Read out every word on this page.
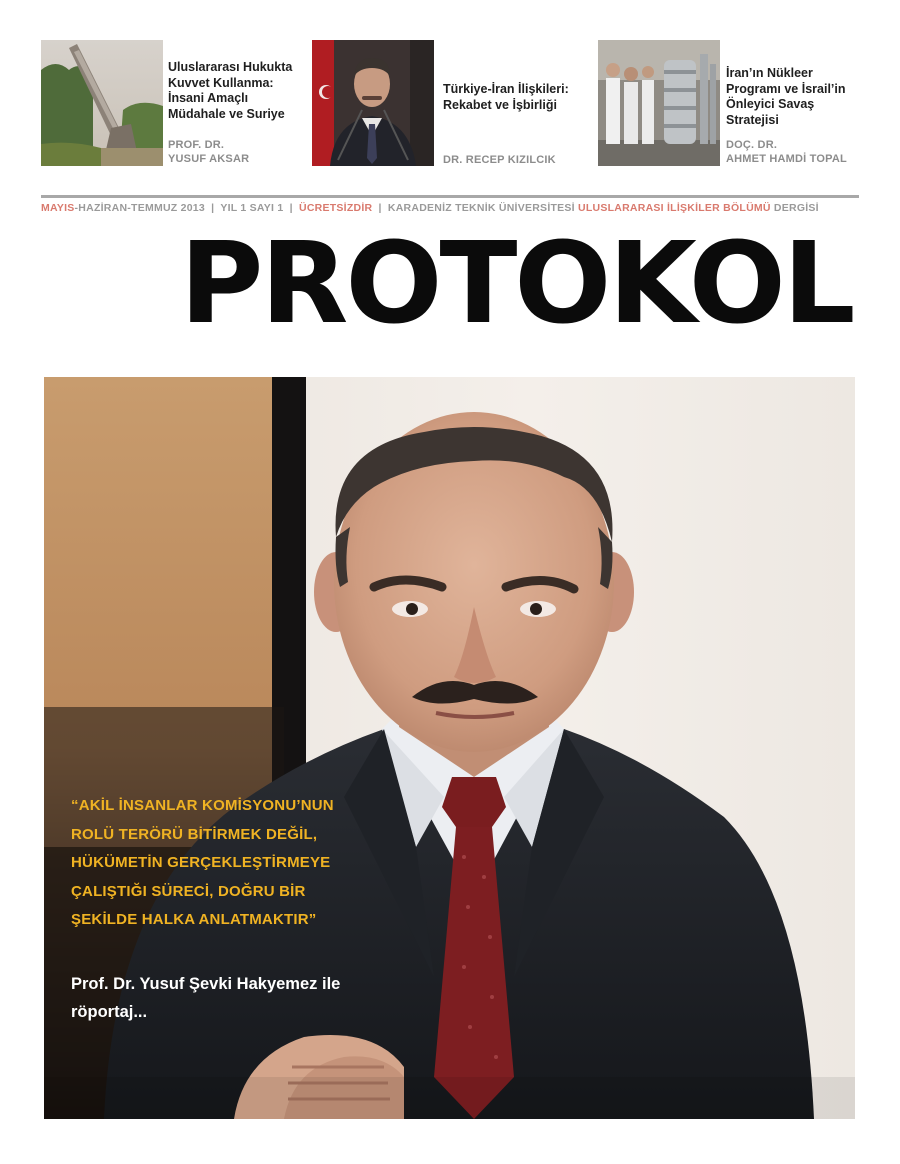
Uluslararası Hukukta Kuvvet Kullanma: İnsani Amaçlı Müdahale ve Suriye
PROF. DR.
YUSUF AKSAR
Türkiye-İran İlişkileri: Rekabet ve İşbirliği
DR. RECEP KIZILCIK
İran’ın Nükleer Programı ve İsrail’in Önleyici Savaş Stratejisi
DOÇ. DR.
AHMET HAMDİ TOPAL
MAYIS-HAZİRAN-TEMMUZ 2013 | YIL 1 SAYI 1 | ÜCRETSİZDİR | KARADENİZ TEKNİK ÜNİVERSİTESİ ULUSLARARASI İLİŞKİLER BÖLÜMÜ DERGİSİ
PROTOKOL
“AKİL İNSANLAR KOMİSYONU’NUN ROLÜ TERÖRÜ BİTİRMEK DEĞİL, HÜKÜMETİN GERÇEKLEŞTİRMEYE ÇALIŞTIĞI SÜRECİ, DOĞRU BİR ŞEKİLDE HALKA ANLATMAKTIR”
Prof. Dr. Yusuf Şevki Hakyemez ile röportaj...
